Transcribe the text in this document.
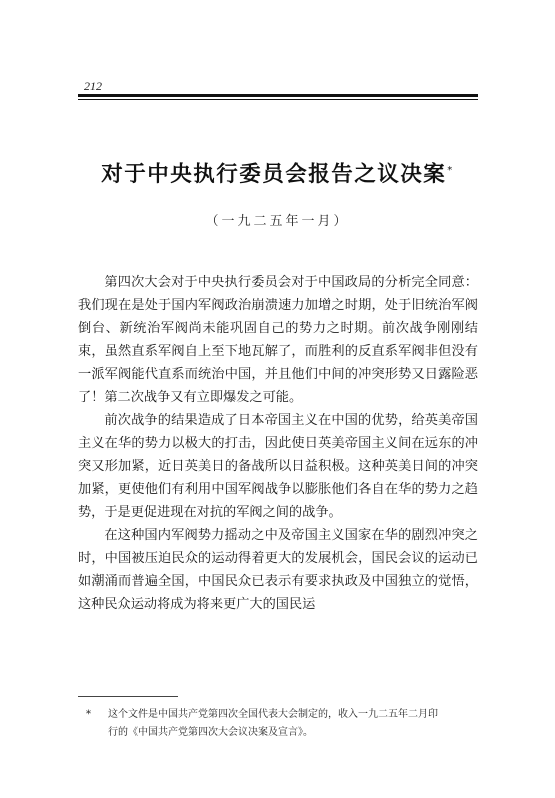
212
对于中央执行委员会报告之议决案*
（一九二五年一月）

第四次大会对于中央执行委员会对于中国政局的分析完全同意：我们现在是处于国内军阀政治崩溃速力加增之时期，处于旧统治军阀倒台、新统治军阀尚未能巩固自己的势力之时期。前次战争刚刚结束，虽然直系军阀自上至下地瓦解了，而胜利的反直系军阀非但没有一派军阀能代直系而统治中国，并且他们中间的冲突形势又日露险恶了！第二次战争又有立即爆发之可能。

前次战争的结果造成了日本帝国主义在中国的优势，给英美帝国主义在华的势力以极大的打击，因此使日英美帝国主义间在远东的冲突又形加紧，近日英美日的备战所以日益积极。这种英美日间的冲突加紧，更使他们有利用中国军阀战争以膨胀他们各自在华的势力之趋势，于是更促进现在对抗的军阀之间的战争。

在这种国内军阀势力摇动之中及帝国主义国家在华的剧烈冲突之时，中国被压迫民众的运动得着更大的发展机会，国民会议的运动已如潮涌而普遍全国，中国民众已表示有要求执政及中国独立的觉悟，这种民众运动将成为将来更广大的国民运

* 这个文件是中国共产党第四次全国代表大会制定的，收入一九二五年二月印
行的《中国共产党第四次大会议决案及宣言》。
